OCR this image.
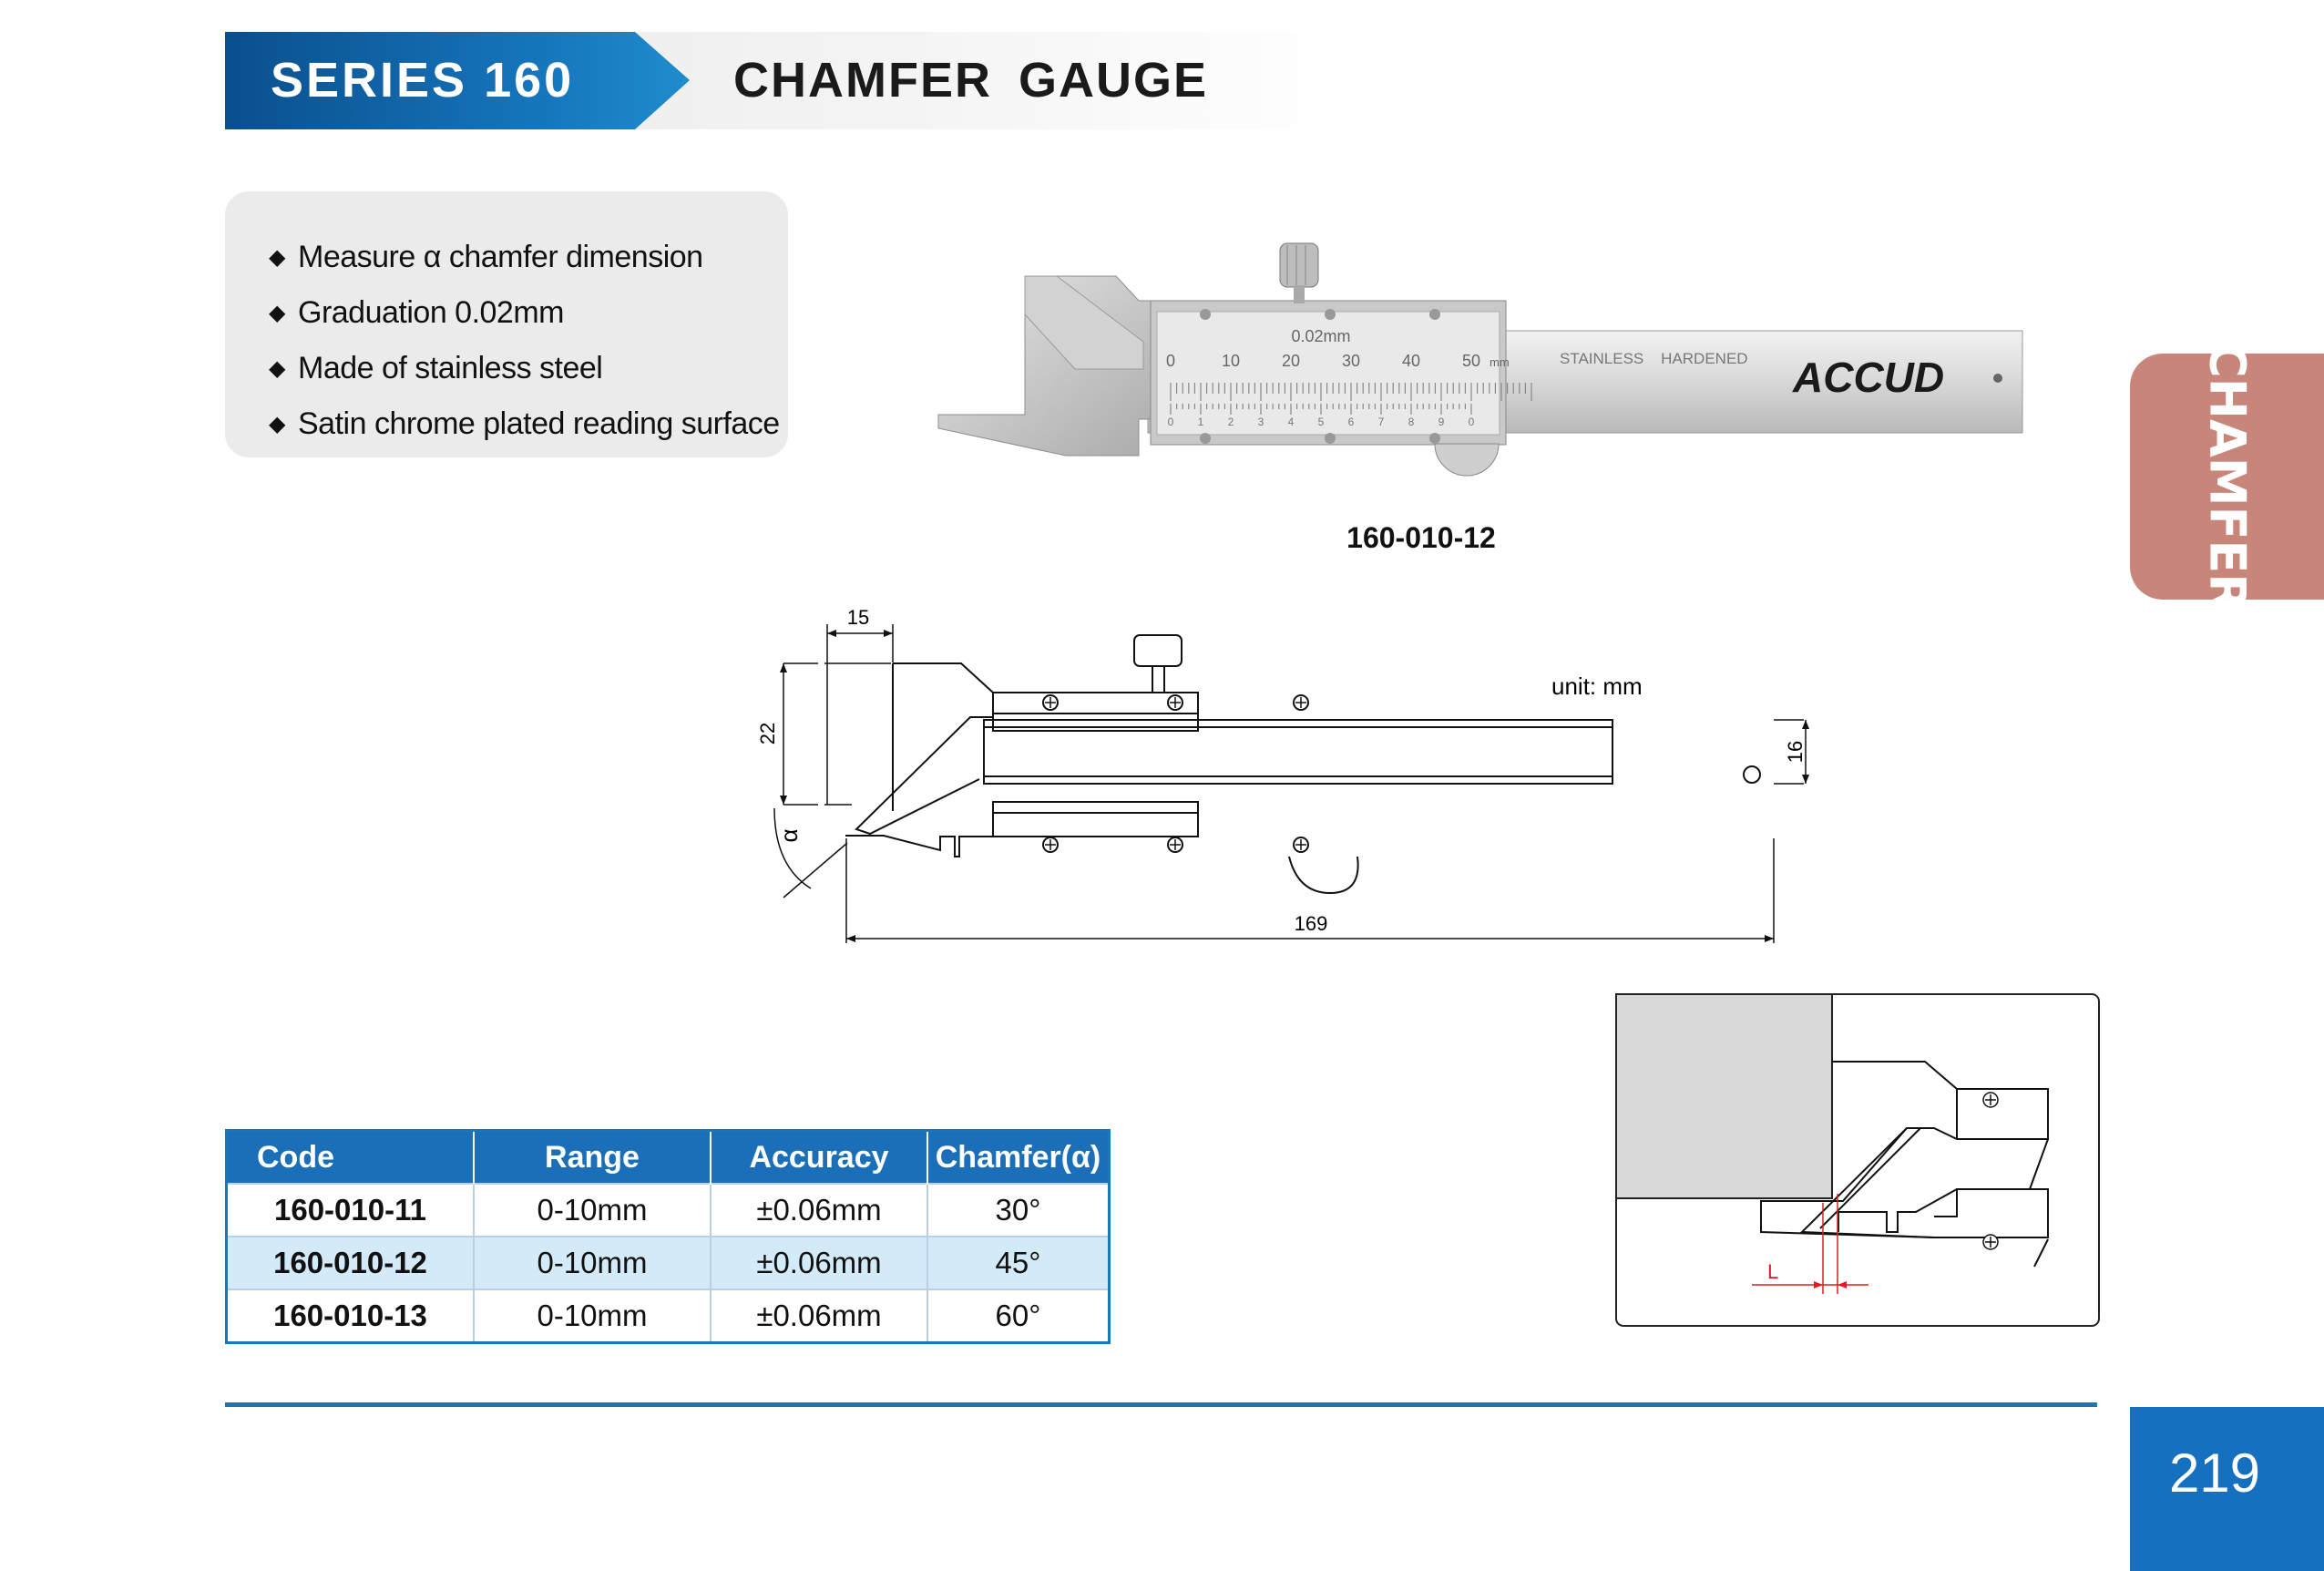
SERIES 160	CHAMFER GAUGE
◆ Measure α chamfer dimension
◆ Graduation 0.02mm
◆ Made of stainless steel
◆ Satin chrome plated reading surface
0.02mm
0	10	20	30	40	50 mm
0 1 2 3 4 5 6 7 8 9 0
STAINLESS    HARDENED ACCUD
160-010-12	CHAMFER
15
22
16
169
α
unit: mm
L
Code	Range	Accuracy	Chamfer(α)
160-010-11	0-10mm	±0.06mm	30°
160-010-12	0-10mm	±0.06mm	45°
160-010-13	0-10mm	±0.06mm	60°
219
